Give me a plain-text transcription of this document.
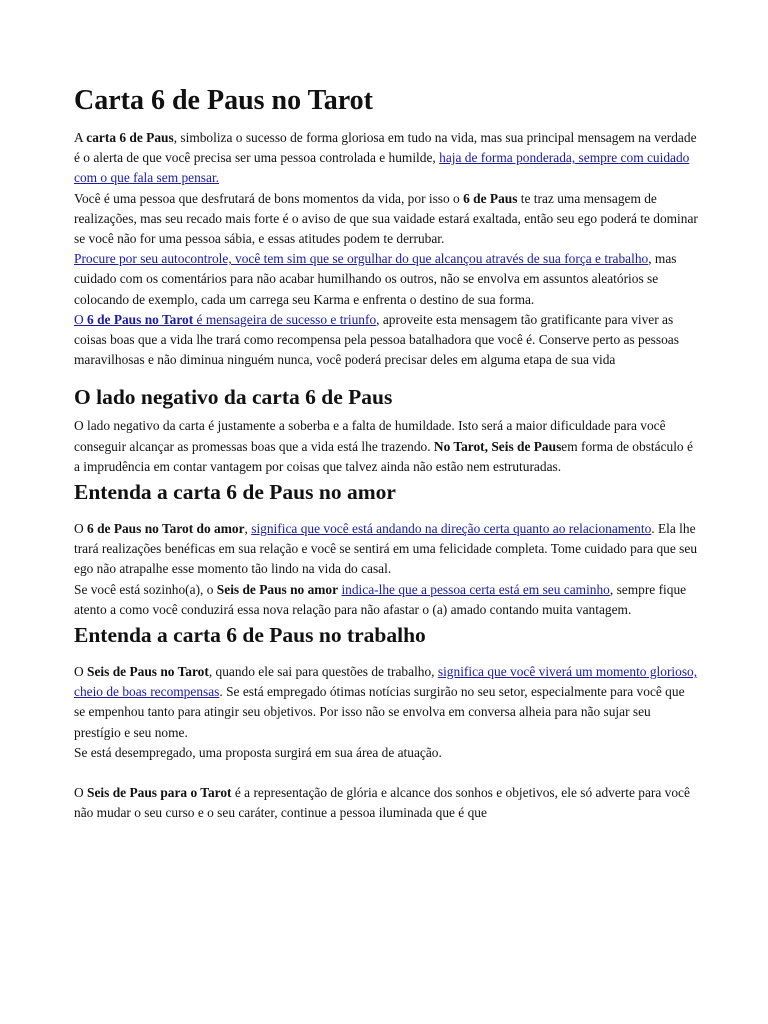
Carta 6 de Paus no Tarot

A carta 6 de Paus, simboliza o sucesso de forma gloriosa em tudo na vida, mas sua principal mensagem na verdade é o alerta de que você precisa ser uma pessoa controlada e humilde, haja de forma ponderada, sempre com cuidado com o que fala sem pensar.

Você é uma pessoa que desfrutará de bons momentos da vida, por isso o 6 de Paus te traz uma mensagem de realizações, mas seu recado mais forte é o aviso de que sua vaidade estará exaltada, então seu ego poderá te dominar se você não for uma pessoa sábia, e essas atitudes podem te derrubar.

Procure por seu autocontrole, você tem sim que se orgulhar do que alcançou através de sua força e trabalho, mas cuidado com os comentários para não acabar humilhando os outros, não se envolva em assuntos aleatórios se colocando de exemplo, cada um carrega seu Karma e enfrenta o destino de sua forma.

O 6 de Paus no Tarot é mensageira de sucesso e triunfo, aproveite esta mensagem tão gratificante para viver as coisas boas que a vida lhe trará como recompensa pela pessoa batalhadora que você é. Conserve perto as pessoas maravilhosas e não diminua ninguém nunca, você poderá precisar deles em alguma etapa de sua vida

O lado negativo da carta 6 de Paus

O lado negativo da carta é justamente a soberba e a falta de humildade. Isto será a maior dificuldade para você conseguir alcançar as promessas boas que a vida está lhe trazendo. No Tarot, Seis de Pausem forma de obstáculo é a imprudência em contar vantagem por coisas que talvez ainda não estão nem estruturadas.

Entenda a carta 6 de Paus no amor

O 6 de Paus no Tarot do amor, significa que você está andando na direção certa quanto ao relacionamento. Ela lhe trará realizações benéficas em sua relação e você se sentirá em uma felicidade completa. Tome cuidado para que seu ego não atrapalhe esse momento tão lindo na vida do casal.

Se você está sozinho(a), o Seis de Paus no amor indica-lhe que a pessoa certa está em seu caminho, sempre fique atento a como você conduzirá essa nova relação para não afastar o (a) amado contando muita vantagem.

Entenda a carta 6 de Paus no trabalho

O Seis de Paus no Tarot, quando ele sai para questões de trabalho, significa que você viverá um momento glorioso, cheio de boas recompensas. Se está empregado ótimas notícias surgirão no seu setor, especialmente para você que se empenhou tanto para atingir seu objetivos. Por isso não se envolva em conversa alheia para não sujar seu prestígio e seu nome.

Se está desempregado, uma proposta surgirá em sua área de atuação.

O Seis de Paus para o Tarot é a representação de glória e alcance dos sonhos e objetivos, ele só adverte para você não mudar o seu curso e o seu caráter, continue a pessoa iluminada que é que
